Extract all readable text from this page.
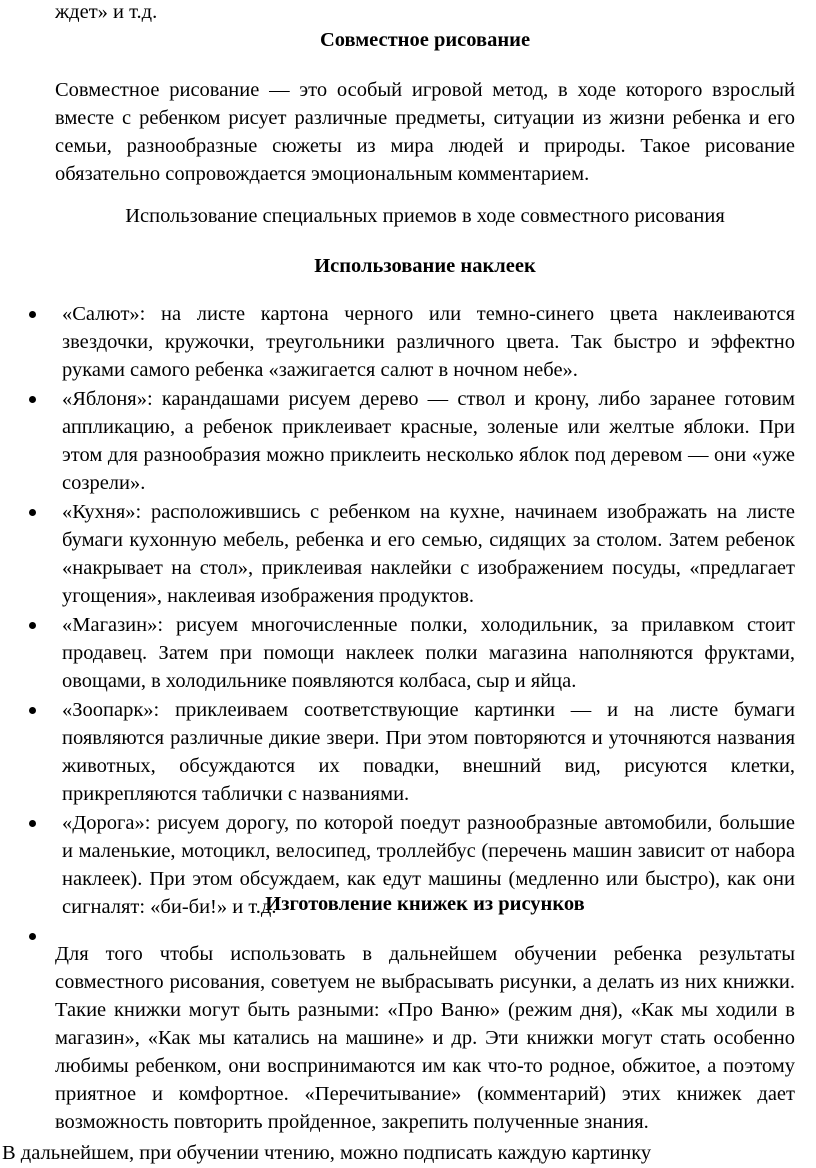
ждет» и т.д.
Совместное рисование
Совместное рисование — это особый игровой метод, в ходе которого взрослый вместе с ребенком рисует различные предметы, ситуации из жизни ребенка и его семьи, разнообразные сюжеты из мира людей и природы. Такое рисование обязательно сопровождается эмоциональным комментарием.
Использование специальных приемов в ходе совместного рисования
Использование наклеек
«Салют»: на листе картона черного или темно-синего цвета наклеиваются звездочки, кружочки, треугольники различного цвета. Так быстро и эффектно руками самого ребенка «зажигается салют в ночном небе».
«Яблоня»: карандашами рисуем дерево — ствол и крону, либо заранее готовим аппликацию, а ребенок приклеивает красные, золеные или желтые яблоки. При этом для разнообразия можно приклеить несколько яблок под деревом — они «уже созрели».
«Кухня»: расположившись с ребенком на кухне, начинаем изображать на листе бумаги кухонную мебель, ребенка и его семью, сидящих за столом. Затем ребенок «накрывает на стол», приклеивая наклейки с изображением посуды, «предлагает угощения», наклеивая изображения продуктов.
«Магазин»: рисуем многочисленные полки, холодильник, за прилавком стоит продавец. Затем при помощи наклеек полки магазина наполняются фруктами, овощами, в холодильнике появляются колбаса, сыр и яйца.
«Зоопарк»: приклеиваем соответствующие картинки — и на листе бумаги появляются различные дикие звери. При этом повторяются и уточняются названия животных, обсуждаются их повадки, внешний вид, рисуются клетки, прикрепляются таблички с названиями.
«Дорога»: рисуем дорогу, по которой поедут разнообразные автомобили, большие и маленькие, мотоцикл, велосипед, троллейбус (перечень машин зависит от набора наклеек). При этом обсуждаем, как едут машины (медленно или быстро), как они сигналят: «би-би!» и т.д.
Изготовление книжек из рисунков
Для того чтобы использовать в дальнейшем обучении ребенка результаты совместного рисования, советуем не выбрасывать рисунки, а делать из них книжки. Такие книжки могут быть разными: «Про Ваню» (режим дня), «Как мы ходили в магазин», «Как мы катались на машине» и др. Эти книжки могут стать особенно любимы ребенком, они воспринимаются им как что-то родное, обжитое, а поэтому приятное и комфортное. «Перечитывание» (комментарий) этих книжек дает возможность повторить пройденное, закрепить полученные знания.
В дальнейшем, при обучении чтению, можно подписать каждую картинку
